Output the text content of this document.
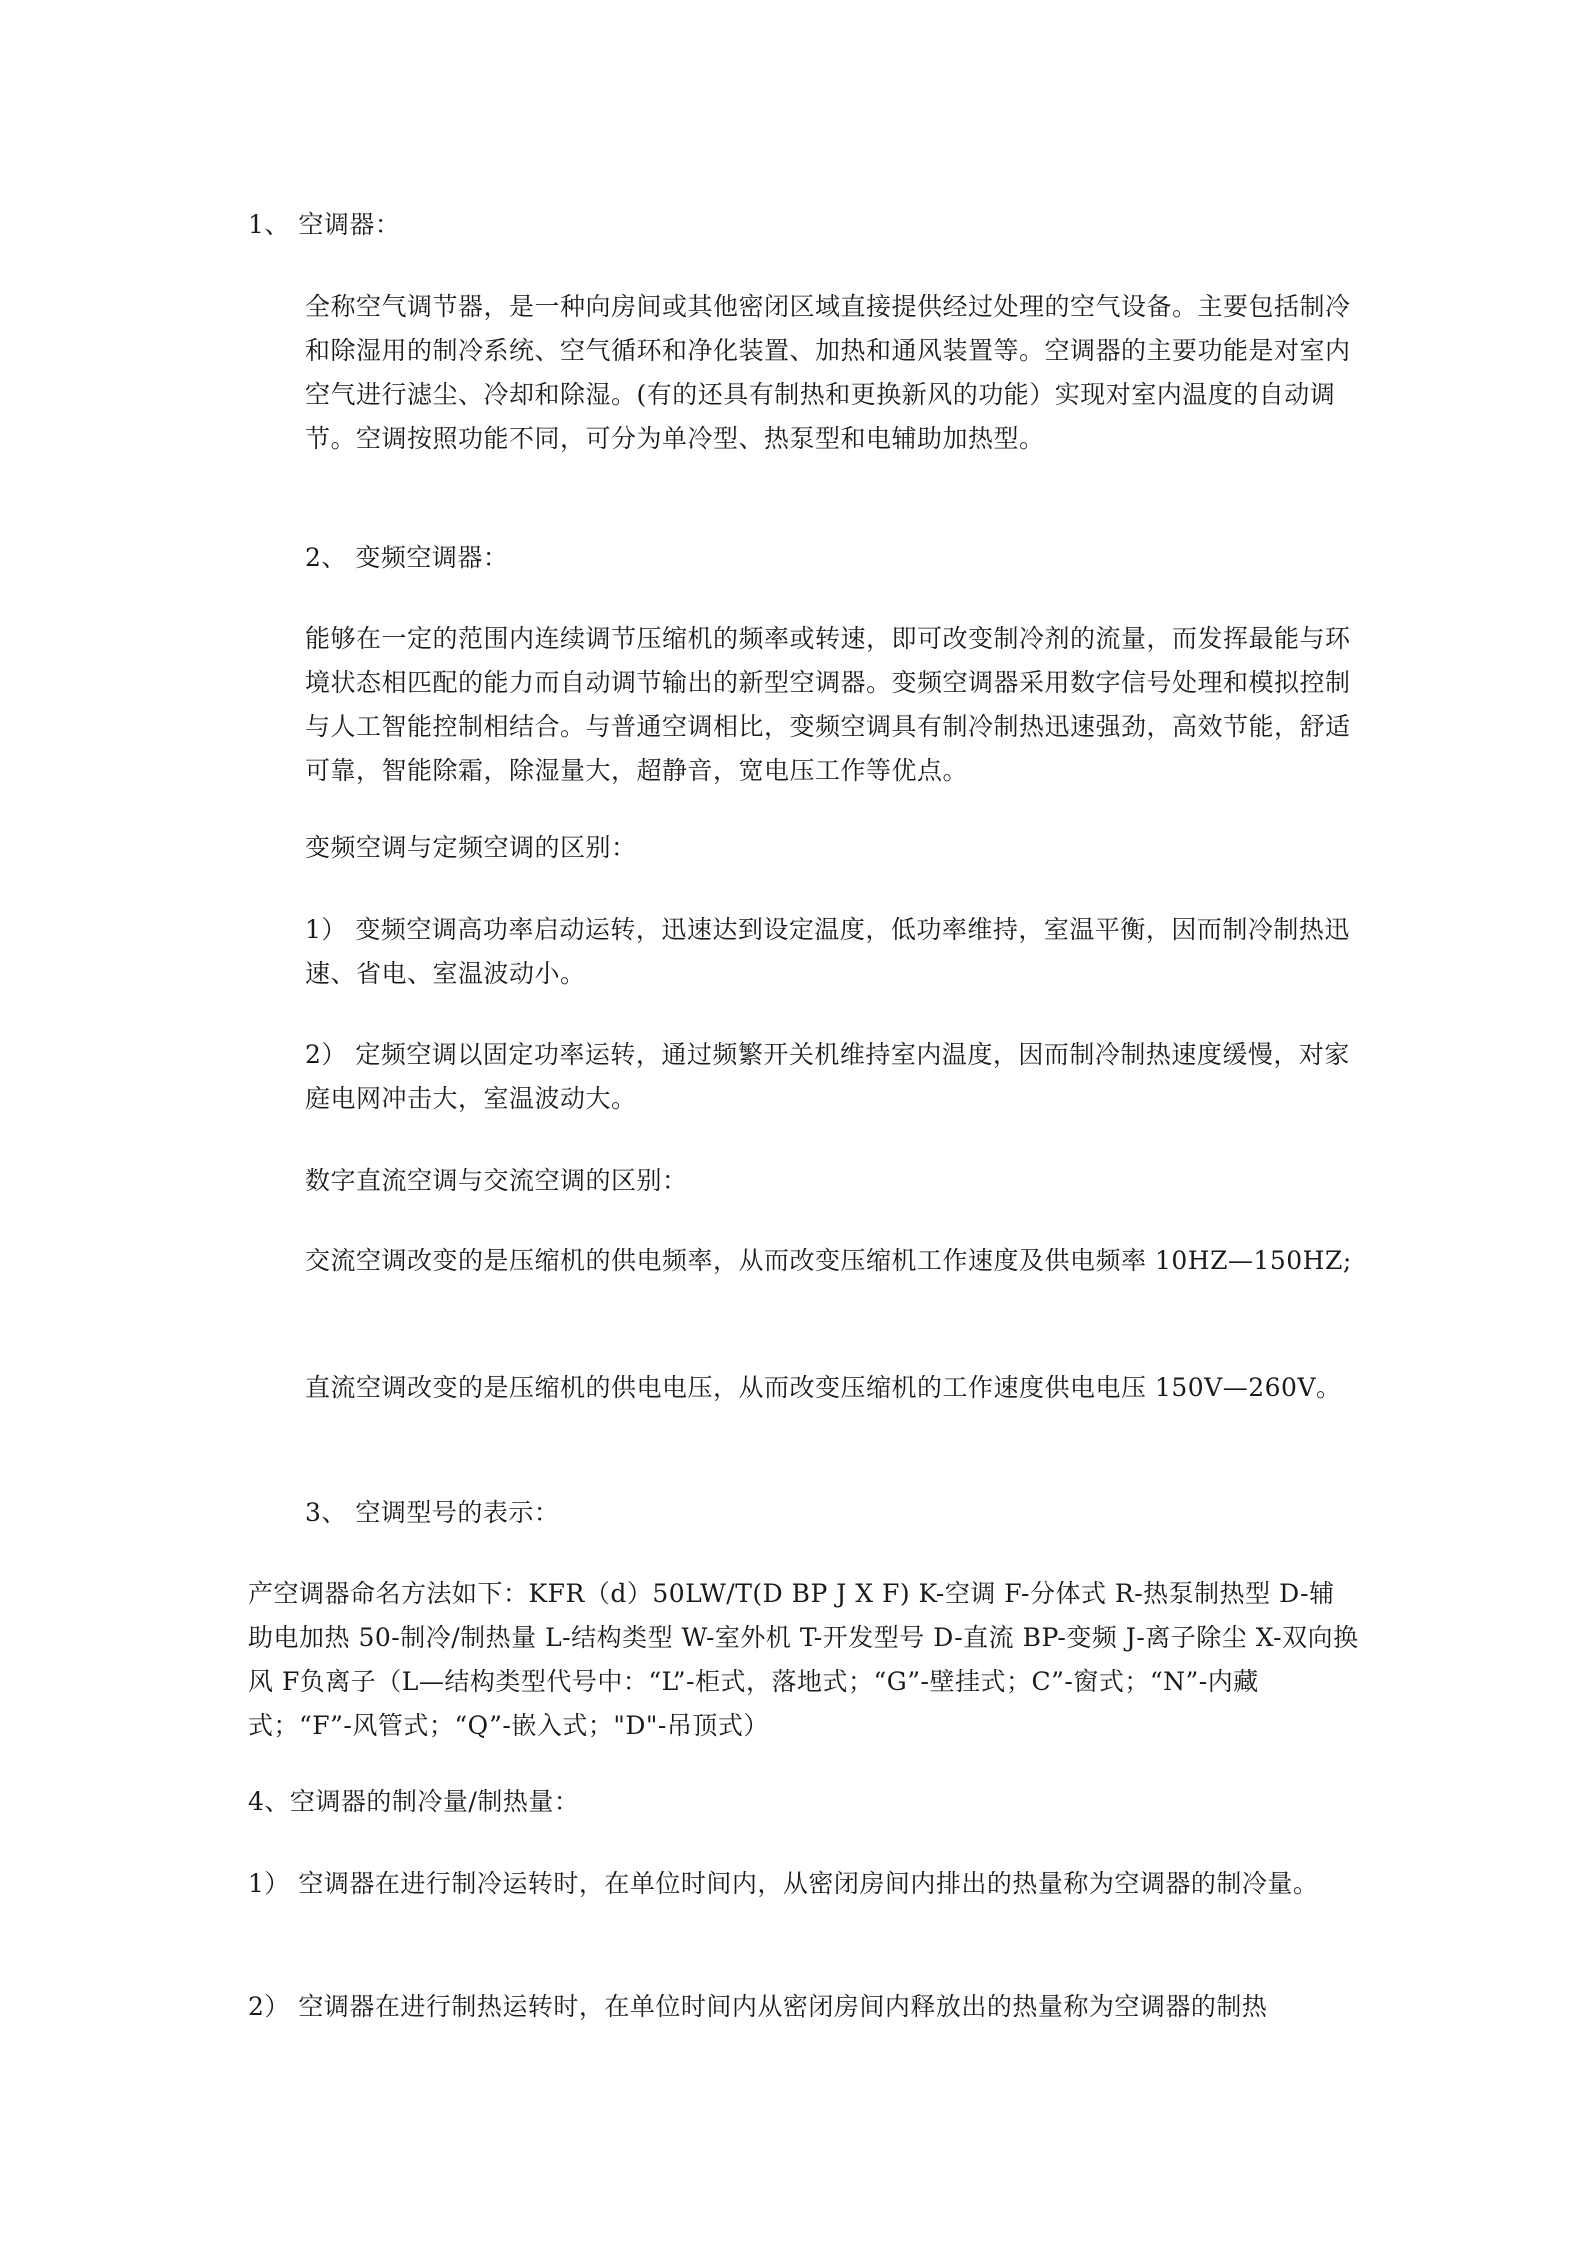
1、 空调器：

全称空气调节器，是一种向房间或其他密闭区域直接提供经过处理的空气设备。主要包括制冷和除湿用的制冷系统、空气循环和净化装置、加热和通风装置等。空调器的主要功能是对室内空气进行滤尘、冷却和除湿。(有的还具有制热和更换新风的功能）实现对室内温度的自动调节。空调按照功能不同，可分为单冷型、热泵型和电辅助加热型。

2、 变频空调器：

能够在一定的范围内连续调节压缩机的频率或转速，即可改变制冷剂的流量，而发挥最能与环境状态相匹配的能力而自动调节输出的新型空调器。变频空调器采用数字信号处理和模拟控制与人工智能控制相结合。与普通空调相比，变频空调具有制冷制热迅速强劲，高效节能，舒适可靠，智能除霜，除湿量大，超静音，宽电压工作等优点。

变频空调与定频空调的区别：

1） 变频空调高功率启动运转，迅速达到设定温度，低功率维持，室温平衡，因而制冷制热迅速、省电、室温波动小。

2） 定频空调以固定功率运转，通过频繁开关机维持室内温度，因而制冷制热速度缓慢，对家庭电网冲击大，室温波动大。

数字直流空调与交流空调的区别：

交流空调改变的是压缩机的供电频率，从而改变压缩机工作速度及供电频率 10HZ—150HZ;

直流空调改变的是压缩机的供电电压，从而改变压缩机的工作速度供电电压 150V—260V。

3、 空调型号的表示：

产空调器命名方法如下：KFR（d）50LW/T(D BP J X F) K-空调 F-分体式 R-热泵制热型 D-辅助电加热 50-制冷/制热量 L-结构类型 W-室外机 T-开发型号 D-直流 BP-变频 J-离子除尘 X-双向换风 F负离子（L—结构类型代号中：“L”-柜式，落地式；“G”-壁挂式；C”-窗式；“N”-内藏式；“F”-风管式；“Q”-嵌入式；"D"-吊顶式）

4、空调器的制冷量/制热量：

1） 空调器在进行制冷运转时，在单位时间内，从密闭房间内排出的热量称为空调器的制冷量。

2） 空调器在进行制热运转时，在单位时间内从密闭房间内释放出的热量称为空调器的制热
